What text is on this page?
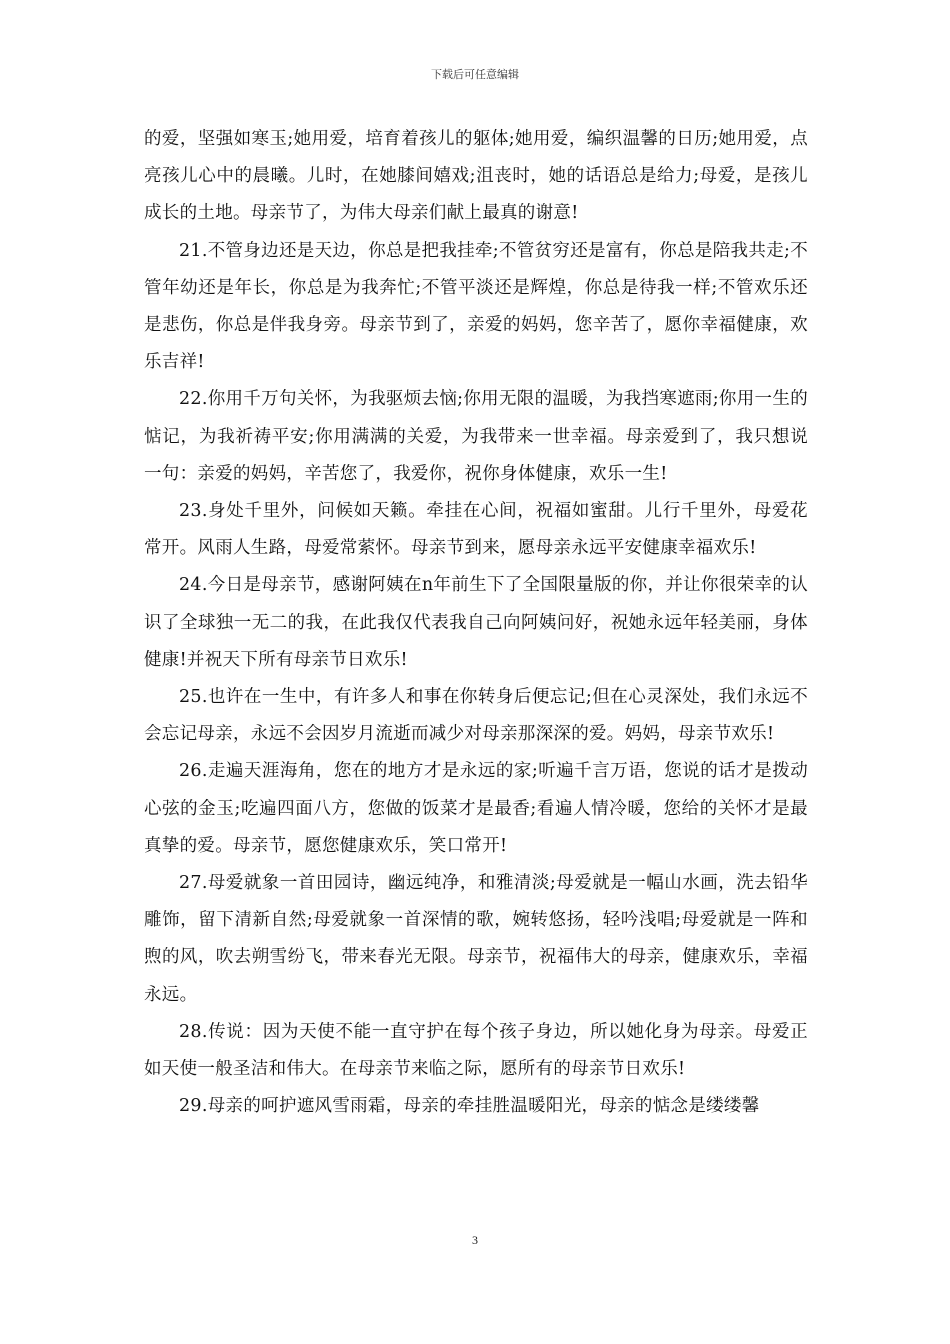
下载后可任意编辑

的爱，坚强如寒玉;她用爱，培育着孩儿的躯体;她用爱，编织温馨的日历;她用爱，点亮孩儿心中的晨曦。儿时，在她膝间嬉戏;沮丧时，她的话语总是给力;母爱，是孩儿成长的土地。母亲节了，为伟大母亲们献上最真的谢意!

21.不管身边还是天边，你总是把我挂牵;不管贫穷还是富有，你总是陪我共走;不管年幼还是年长，你总是为我奔忙;不管平淡还是辉煌，你总是待我一样;不管欢乐还是悲伤，你总是伴我身旁。母亲节到了，亲爱的妈妈，您辛苦了，愿你幸福健康，欢乐吉祥!

22.你用千万句关怀，为我驱烦去恼;你用无限的温暖，为我挡寒遮雨;你用一生的惦记，为我祈祷平安;你用满满的关爱，为我带来一世幸福。母亲爱到了，我只想说一句：亲爱的妈妈，辛苦您了，我爱你，祝你身体健康，欢乐一生!

23.身处千里外，问候如天籁。牵挂在心间，祝福如蜜甜。儿行千里外，母爱花常开。风雨人生路，母爱常萦怀。母亲节到来，愿母亲永远平安健康幸福欢乐!

24.今日是母亲节，感谢阿姨在n年前生下了全国限量版的你，并让你很荣幸的认识了全球独一无二的我，在此我仅代表我自己向阿姨问好，祝她永远年轻美丽，身体健康!并祝天下所有母亲节日欢乐!

25.也许在一生中，有许多人和事在你转身后便忘记;但在心灵深处，我们永远不会忘记母亲，永远不会因岁月流逝而减少对母亲那深深的爱。妈妈，母亲节欢乐!

26.走遍天涯海角，您在的地方才是永远的家;听遍千言万语，您说的话才是拨动心弦的金玉;吃遍四面八方，您做的饭菜才是最香;看遍人情冷暖，您给的关怀才是最真挚的爱。母亲节，愿您健康欢乐，笑口常开!

27.母爱就象一首田园诗，幽远纯净，和雅清淡;母爱就是一幅山水画，洗去铅华雕饰，留下清新自然;母爱就象一首深情的歌，婉转悠扬，轻吟浅唱;母爱就是一阵和煦的风，吹去朔雪纷飞，带来春光无限。母亲节，祝福伟大的母亲，健康欢乐，幸福永远。

28.传说：因为天使不能一直守护在每个孩子身边，所以她化身为母亲。母爱正如天使一般圣洁和伟大。在母亲节来临之际，愿所有的母亲节日欢乐!

29.母亲的呵护遮风雪雨霜，母亲的牵挂胜温暖阳光，母亲的惦念是缕缕馨

3
